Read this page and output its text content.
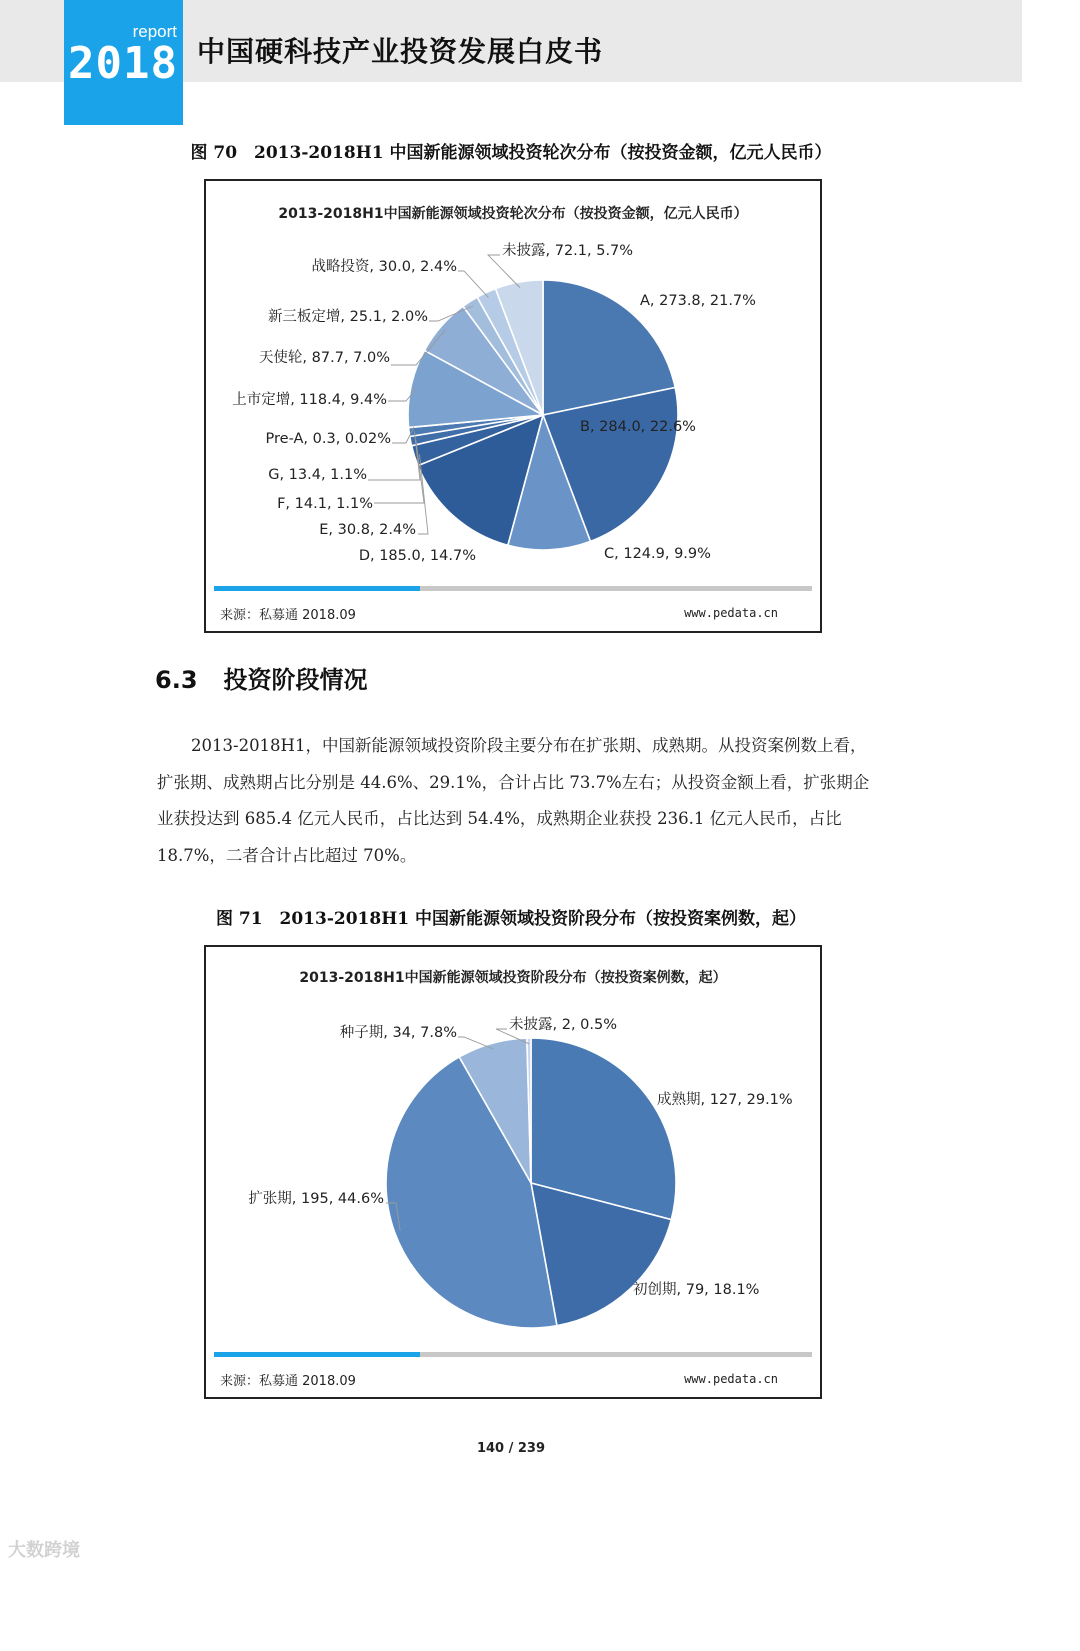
report
2018 中国硬科技产业投资发展白皮书
图 70　2013-2018H1 中国新能源领域投资轮次分布（按投资金额，亿元人民币）
2013-2018H1中国新能源领域投资轮次分布（按投资金额，亿元人民币）
A, 273.8, 21.7%
B, 284.0, 22.6%
C, 124.9, 9.9%
D, 185.0, 14.7%
E, 30.8, 2.4%
F, 14.1, 1.1%
G, 13.4, 1.1%
Pre-A, 0.3, 0.02%
上市定增, 118.4, 9.4%
天使轮, 87.7, 7.0%
新三板定增, 25.1, 2.0%
战略投资, 30.0, 2.4%
未披露, 72.1, 5.7%
来源：私募通 2018.09	www.pedata.cn
6.3 投资阶段情况
2013-2018H1，中国新能源领域投资阶段主要分布在扩张期、成熟期。从投资案例数上看，扩张期、成熟期占比分别是 44.6%、29.1%，合计占比 73.7%左右；从投资金额上看，扩张期企业获投达到 685.4 亿元人民币，占比达到 54.4%，成熟期企业获投 236.1 亿元人民币，占比 18.7%，二者合计占比超过 70%。
图 71　2013-2018H1 中国新能源领域投资阶段分布（按投资案例数，起）
2013-2018H1中国新能源领域投资阶段分布（按投资案例数，起）
成熟期, 127, 29.1%
初创期, 79, 18.1%
扩张期, 195, 44.6%
种子期, 34, 7.8%	未披露, 2, 0.5%
来源：私募通 2018.09	www.pedata.cn
140 / 239
大数跨境
